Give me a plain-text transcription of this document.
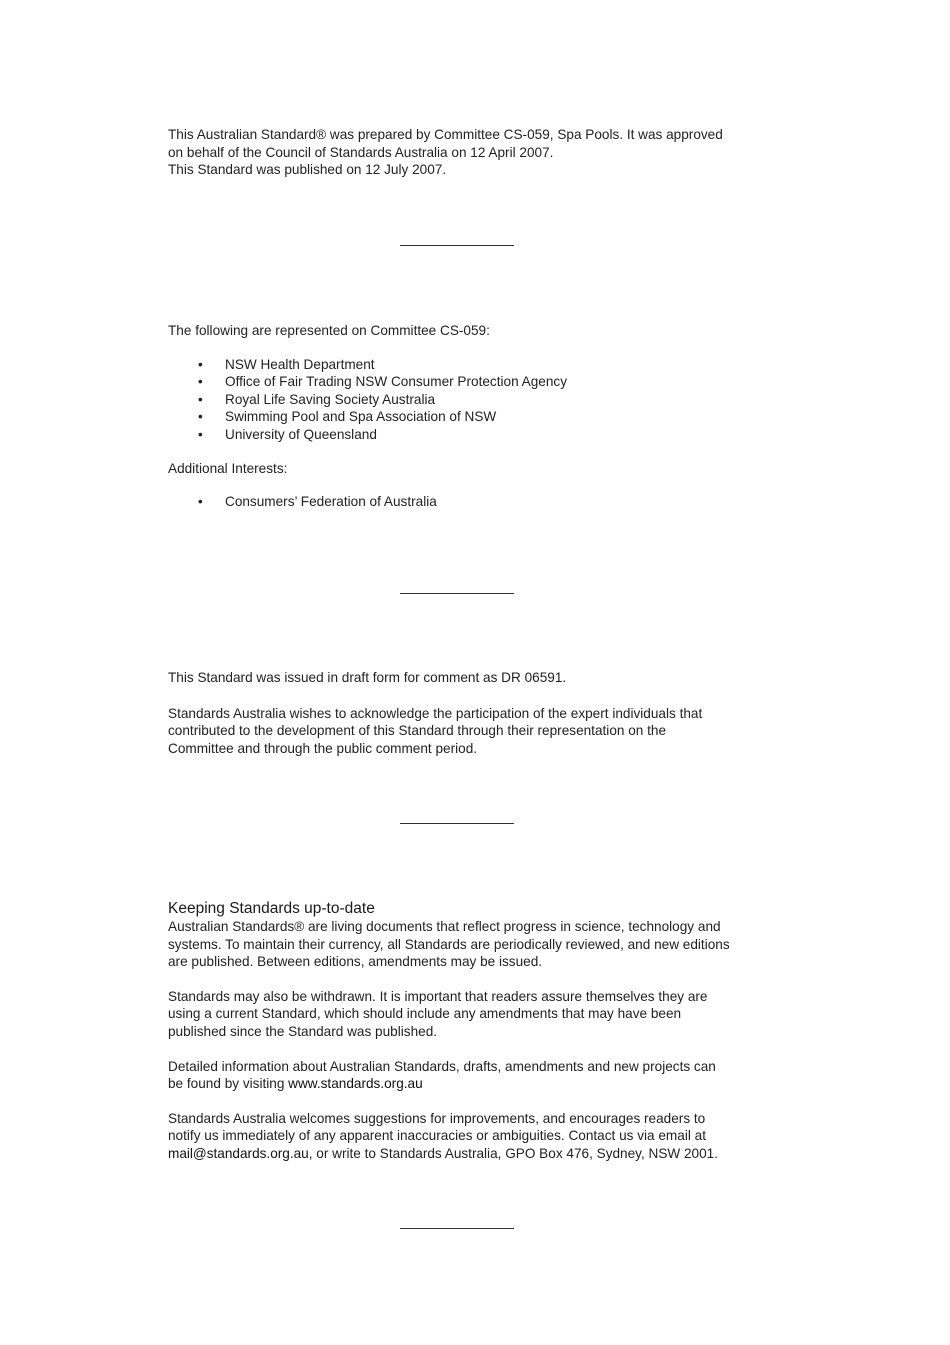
This Australian Standard® was prepared by Committee CS-059, Spa Pools. It was approved
on behalf of the Council of Standards Australia on 12 April 2007.
This Standard was published on 12 July 2007.
The following are represented on Committee CS-059:
• NSW Health Department
• Office of Fair Trading NSW Consumer Protection Agency
• Royal Life Saving Society Australia
• Swimming Pool and Spa Association of NSW
• University of Queensland
Additional Interests:
• Consumers’ Federation of Australia
This Standard was issued in draft form for comment as DR 06591.
Standards Australia wishes to acknowledge the participation of the expert individuals that
contributed to the development of this Standard through their representation on the
Committee and through the public comment period.
Keeping Standards up-to-date
Australian Standards® are living documents that reflect progress in science, technology and
systems. To maintain their currency, all Standards are periodically reviewed, and new editions
are published. Between editions, amendments may be issued.
Standards may also be withdrawn. It is important that readers assure themselves they are
using a current Standard, which should include any amendments that may have been
published since the Standard was published.
Detailed information about Australian Standards, drafts, amendments and new projects can
be found by visiting www.standards.org.au
Standards Australia welcomes suggestions for improvements, and encourages readers to
notify us immediately of any apparent inaccuracies or ambiguities. Contact us via email at
mail@standards.org.au, or write to Standards Australia, GPO Box 476, Sydney, NSW 2001.
